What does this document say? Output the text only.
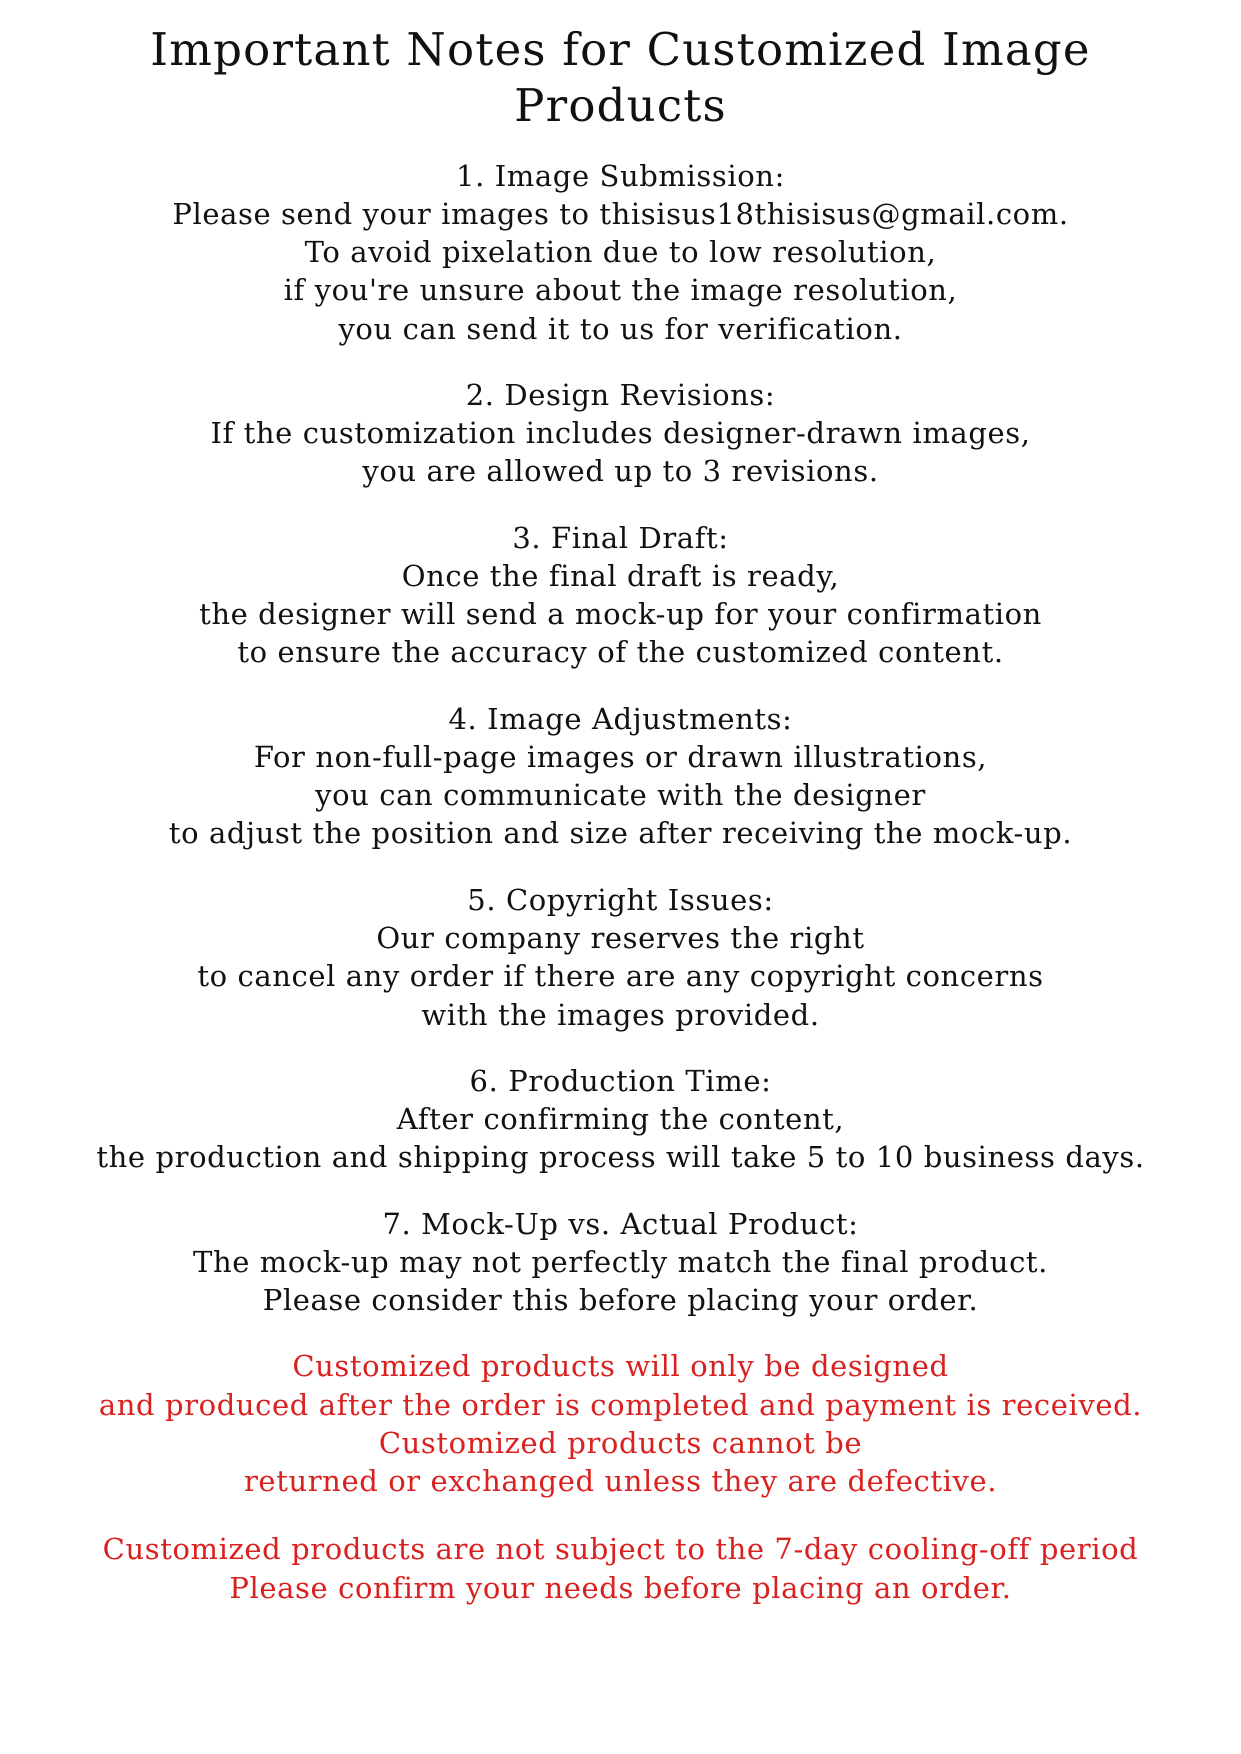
Important Notes for Customized Image Products

1. Image Submission:

Please send your images to thisisus18thisisus@gmail.com.

To avoid pixelation due to low resolution,

if you're unsure about the image resolution,

you can send it to us for verification.

2. Design Revisions:

If the customization includes designer-drawn images,

you are allowed up to 3 revisions.

3. Final Draft:

Once the final draft is ready,

the designer will send a mock-up for your confirmation

to ensure the accuracy of the customized content.

4. Image Adjustments:

For non-full-page images or drawn illustrations,

you can communicate with the designer

to adjust the position and size after receiving the mock-up.

5. Copyright Issues:

Our company reserves the right

to cancel any order if there are any copyright concerns

with the images provided.

6. Production Time:

After confirming the content,

the production and shipping process will take 5 to 10 business days.

7. Mock-Up vs. Actual Product:

The mock-up may not perfectly match the final product.

Please consider this before placing your order.

Customized products will only be designed

and produced after the order is completed and payment is received.

Customized products cannot be

returned or exchanged unless they are defective.

Customized products are not subject to the 7-day cooling-off period

Please confirm your needs before placing an order.
